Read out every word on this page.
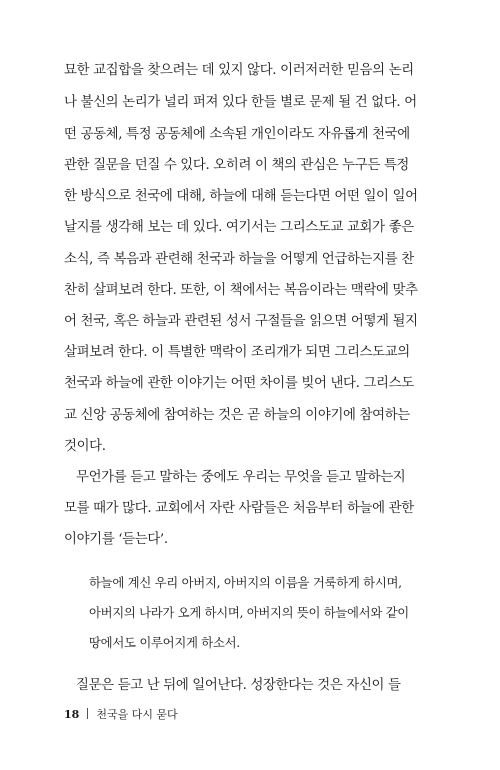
묘한 교집합을 찾으려는 데 있지 않다. 이러저러한 믿음의 논리
나 불신의 논리가 널리 퍼져 있다 한들 별로 문제 될 건 없다. 어
떤 공동체, 특정 공동체에 소속된 개인이라도 자유롭게 천국에
관한 질문을 던질 수 있다. 오히려 이 책의 관심은 누구든 특정
한 방식으로 천국에 대해, 하늘에 대해 듣는다면 어떤 일이 일어
날지를 생각해 보는 데 있다. 여기서는 그리스도교 교회가 좋은
소식, 즉 복음과 관련해 천국과 하늘을 어떻게 언급하는지를 찬
찬히 살펴보려 한다. 또한, 이 책에서는 복음이라는 맥락에 맞추
어 천국, 혹은 하늘과 관련된 성서 구절들을 읽으면 어떻게 될지
살펴보려 한다. 이 특별한 맥락이 조리개가 되면 그리스도교의
천국과 하늘에 관한 이야기는 어떤 차이를 빚어 낸다. 그리스도
교 신앙 공동체에 참여하는 것은 곧 하늘의 이야기에 참여하는
것이다.
무언가를 듣고 말하는 중에도 우리는 무엇을 듣고 말하는지
모를 때가 많다. 교회에서 자란 사람들은 처음부터 하늘에 관한
이야기를 ‘듣는다’.
하늘에 계신 우리 아버지, 아버지의 이름을 거룩하게 하시며,
아버지의 나라가 오게 하시며, 아버지의 뜻이 하늘에서와 같이
땅에서도 이루어지게 하소서.
질문은 듣고 난 뒤에 일어난다. 성장한다는 것은 자신이 들
18 천국을 다시 묻다
